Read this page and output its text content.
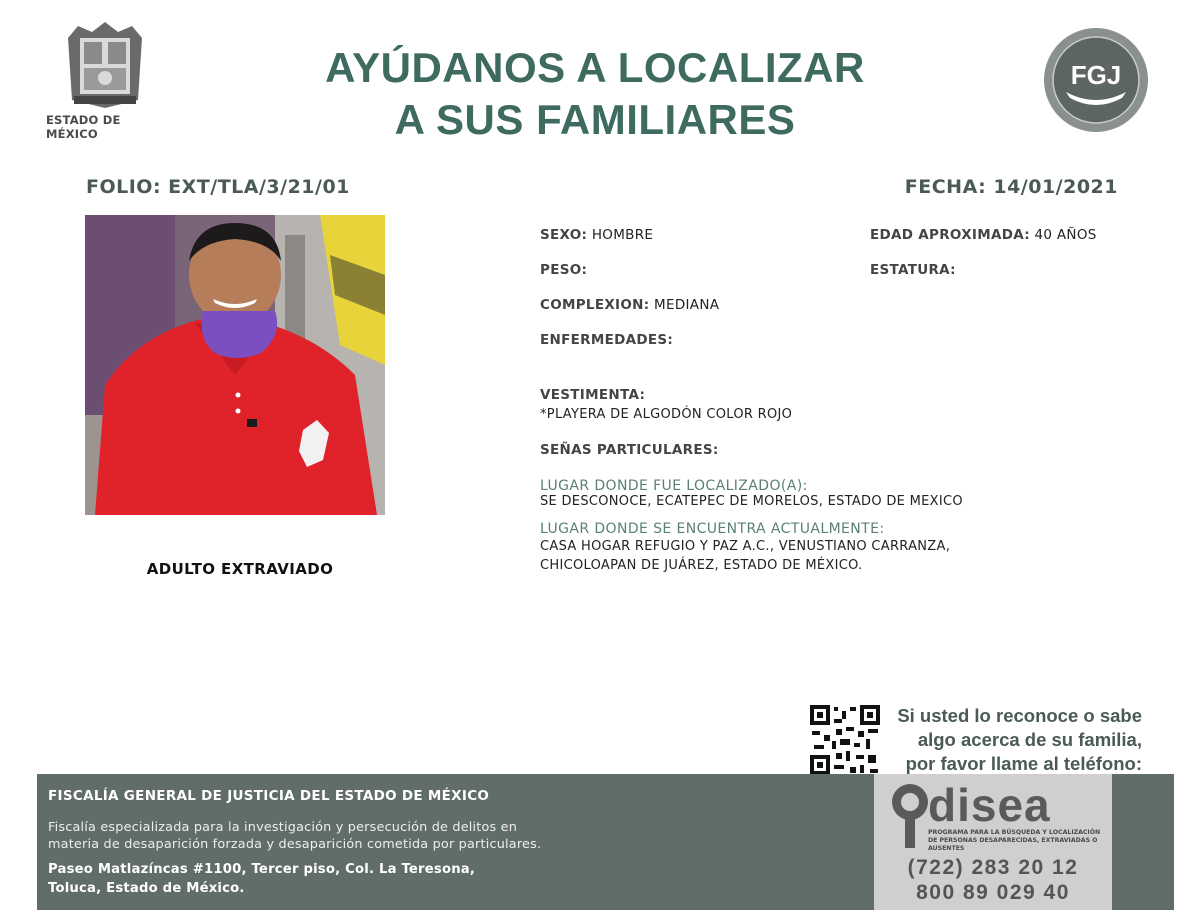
ESTADO DE MÉXICO
AYÚDANOS A LOCALIZAR
A SUS FAMILIARES
FGJ
FOLIO: EXT/TLA/3/21/01	FECHA: 14/01/2021
ADULTO EXTRAVIADO
SEXO: HOMBRE	EDAD APROXIMADA: 40 AÑOS
PESO:	ESTATURA:
COMPLEXION: MEDIANA
ENFERMEDADES:
VESTIMENTA:
*PLAYERA DE ALGODÓN COLOR ROJO
SEÑAS PARTICULARES:
LUGAR DONDE FUE LOCALIZADO(A):
SE DESCONOCE, ECATEPEC DE MORELOS, ESTADO DE MEXICO
LUGAR DONDE SE ENCUENTRA ACTUALMENTE:
CASA HOGAR REFUGIO Y PAZ A.C., VENUSTIANO CARRANZA,
CHICOLOAPAN DE JUÁREZ, ESTADO DE MÉXICO.
Si usted lo reconoce o sabe
algo acerca de su familia,
por favor llame al teléfono:
FISCALÍA GENERAL DE JUSTICIA DEL ESTADO DE MÉXICO
Fiscalía especializada para la investigación y persecución de delitos en
materia de desaparición forzada y desaparición cometida por particulares.
Paseo Matlazíncas #1100, Tercer piso, Col. La Teresona,
Toluca, Estado de México.
disea
PROGRAMA PARA LA BÚSQUEDA Y LOCALIZACIÓN
DE PERSONAS DESAPARECIDAS, EXTRAVIADAS O
AUSENTES
(722) 283 20 12
800 89 029 40
